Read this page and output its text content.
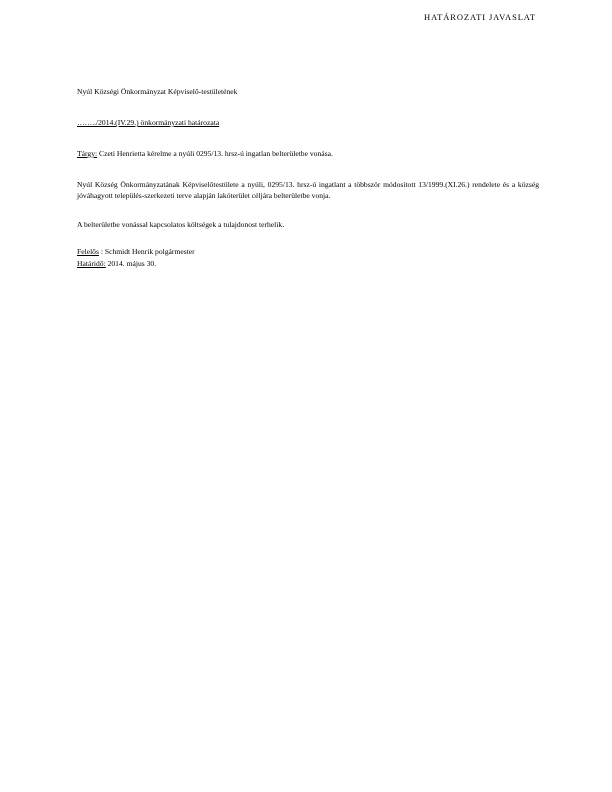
HATÁROZATI JAVASLAT

Nyúl Községi Önkormányzat Képviselő-testületének

……../2014.(IV.29.) önkormányzati határozata

Tárgy: Czeti Henrietta kérelme a nyúli 0295/13. hrsz-ú ingatlan belterületbe vonása.

Nyúl Község Önkormányzatának Képviselőtestülete a nyúli, 0295/13. hrsz-ú ingatlant a többször módosított 13/1999.(XI.26.) rendelete és a község jóváhagyott település-szerkezeti terve alapján lakóterület céljára belterületbe vonja.

A belterületbe vonással kapcsolatos költségek a tulajdonost terhelik.

Felelős : Schmidt Henrik polgármester
Határidő: 2014. május 30.
